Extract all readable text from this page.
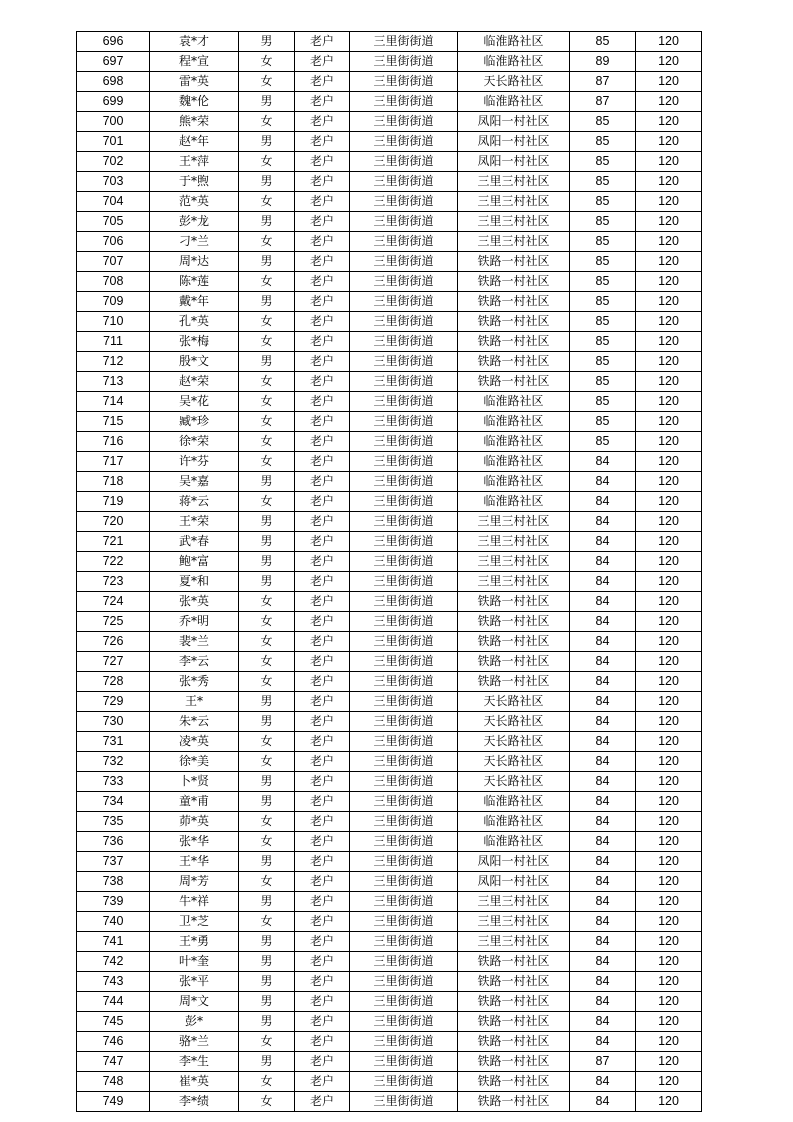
696	袁*才	男	老户	三里街街道	临淮路社区	85	120
697	程*宣	女	老户	三里街街道	临淮路社区	89	120
698	雷*英	女	老户	三里街街道	天长路社区	87	120
699	魏*伦	男	老户	三里街街道	临淮路社区	87	120
700	熊*荣	女	老户	三里街街道	凤阳一村社区	85	120
701	赵*年	男	老户	三里街街道	凤阳一村社区	85	120
702	王*萍	女	老户	三里街街道	凤阳一村社区	85	120
703	于*煦	男	老户	三里街街道	三里三村社区	85	120
704	范*英	女	老户	三里街街道	三里三村社区	85	120
705	彭*龙	男	老户	三里街街道	三里三村社区	85	120
706	刁*兰	女	老户	三里街街道	三里三村社区	85	120
707	周*达	男	老户	三里街街道	铁路一村社区	85	120
708	陈*莲	女	老户	三里街街道	铁路一村社区	85	120
709	戴*年	男	老户	三里街街道	铁路一村社区	85	120
710	孔*英	女	老户	三里街街道	铁路一村社区	85	120
711	张*梅	女	老户	三里街街道	铁路一村社区	85	120
712	殷*文	男	老户	三里街街道	铁路一村社区	85	120
713	赵*荣	女	老户	三里街街道	铁路一村社区	85	120
714	吴*花	女	老户	三里街街道	临淮路社区	85	120
715	臧*珍	女	老户	三里街街道	临淮路社区	85	120
716	徐*荣	女	老户	三里街街道	临淮路社区	85	120
717	许*芬	女	老户	三里街街道	临淮路社区	84	120
718	吴*嘉	男	老户	三里街街道	临淮路社区	84	120
719	蒋*云	女	老户	三里街街道	临淮路社区	84	120
720	王*荣	男	老户	三里街街道	三里三村社区	84	120
721	武*春	男	老户	三里街街道	三里三村社区	84	120
722	鲍*富	男	老户	三里街街道	三里三村社区	84	120
723	夏*和	男	老户	三里街街道	三里三村社区	84	120
724	张*英	女	老户	三里街街道	铁路一村社区	84	120
725	乔*明	女	老户	三里街街道	铁路一村社区	84	120
726	裴*兰	女	老户	三里街街道	铁路一村社区	84	120
727	李*云	女	老户	三里街街道	铁路一村社区	84	120
728	张*秀	女	老户	三里街街道	铁路一村社区	84	120
729	王*	男	老户	三里街街道	天长路社区	84	120
730	朱*云	男	老户	三里街街道	天长路社区	84	120
731	凌*英	女	老户	三里街街道	天长路社区	84	120
732	徐*美	女	老户	三里街街道	天长路社区	84	120
733	卜*贤	男	老户	三里街街道	天长路社区	84	120
734	童*甫	男	老户	三里街街道	临淮路社区	84	120
735	茆*英	女	老户	三里街街道	临淮路社区	84	120
736	张*华	女	老户	三里街街道	临淮路社区	84	120
737	王*华	男	老户	三里街街道	凤阳一村社区	84	120
738	周*芳	女	老户	三里街街道	凤阳一村社区	84	120
739	牛*祥	男	老户	三里街街道	三里三村社区	84	120
740	卫*芝	女	老户	三里街街道	三里三村社区	84	120
741	王*勇	男	老户	三里街街道	三里三村社区	84	120
742	叶*奎	男	老户	三里街街道	铁路一村社区	84	120
743	张*平	男	老户	三里街街道	铁路一村社区	84	120
744	周*文	男	老户	三里街街道	铁路一村社区	84	120
745	彭*	男	老户	三里街街道	铁路一村社区	84	120
746	骆*兰	女	老户	三里街街道	铁路一村社区	84	120
747	李*生	男	老户	三里街街道	铁路一村社区	87	120
748	崔*英	女	老户	三里街街道	铁路一村社区	84	120
749	李*绩	女	老户	三里街街道	铁路一村社区	84	120
